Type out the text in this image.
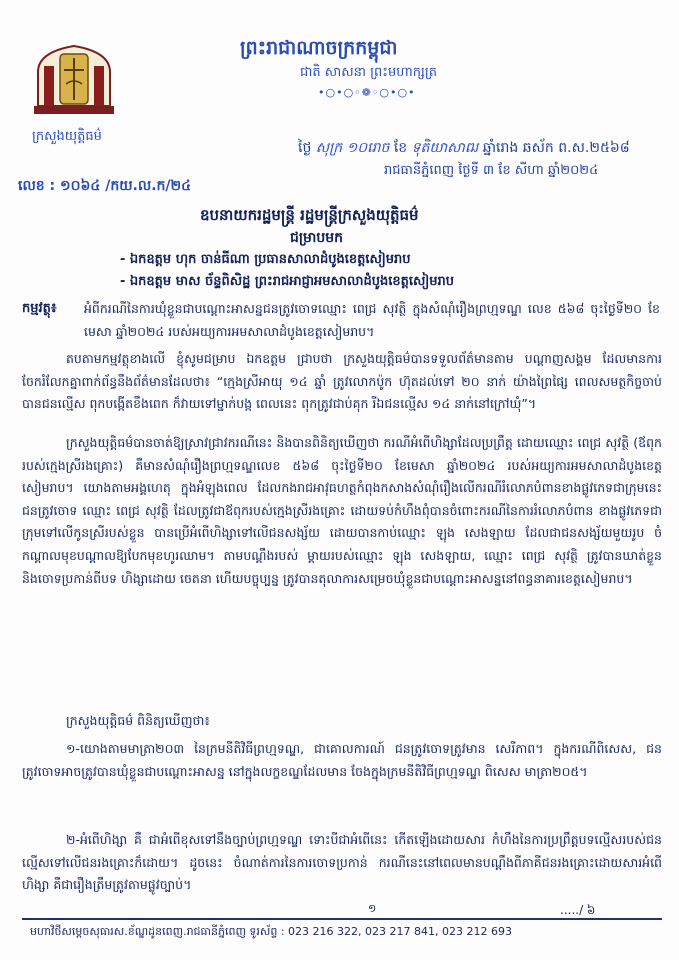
ក្រសួងយុត្តិធម៌
ព្រះរាជាណាចក្រកម្ពុជា
ជាតិ សាសនា ព្រះមហាក្សត្រ
•○•○◦❁◦○•○•
ថ្ងៃ សុក្រ ១០រោច ខែ ទុតិយាសាឍ ឆ្នាំរោង ឆស័ក ព.ស.២៥៦៨
រាជធានីភ្នំពេញ ថ្ងៃទី ៣ ខែ សីហា ឆ្នាំ២០២៤
លេខ : ១០៦៤ /កយ.ល.ក/២៤
ឧបនាយករដ្ឋមន្ត្រី រដ្ឋមន្ត្រីក្រសួងយុត្តិធម៌
ជម្រាបមក
- ឯកឧត្តម ហុក ចាន់ធីណា ប្រធានសាលាដំបូងខេត្តសៀមរាប
- ឯកឧត្តម មាស ច័ន្ទពិសិដ្ឋ ព្រះរាជអាជ្ញាអមសាលាដំបូងខេត្តសៀមរាប
កម្មវត្ថុ៖ អំពីករណីនៃការឃុំខ្លួនជាបណ្ដោះអាសន្នជនត្រូវចោទឈ្មោះ ពេជ្រ សុវត្ថិ ក្នុងសំណុំរឿងព្រហ្មទណ្ឌ លេខ ៥៦៨ ចុះថ្ងៃទី២០ ខែមេសា ឆ្នាំ២០២៤ របស់អយ្យការអមសាលាដំបូងខេត្តសៀមរាប។
តបតាមកម្មវត្ថុខាងលើ ខ្ញុំសូមជម្រាប ឯកឧត្តម ជ្រាបថា ក្រសួងយុត្តិធម៌បានទទួលព័ត៌មានតាម បណ្ដាញសង្គម ដែលមានការចែករំលែកគ្នាពាក់ព័ន្ធនឹងព័ត៌មានដែលថា៖ “ក្មេងស្រីអាយុ ១៤ ឆ្នាំ ត្រូវលោកប៉ូក ហ៊ុតដល់ទៅ ២០ នាក់ យ៉ាងព្រៃផ្សៃ ពេលសមត្ថកិច្ចចាប់បានជនល្មើស ពុកបង្កើតខឹងពេក ក៏វាយទៅម្នាក់បង្ក ពេលនេះ ពុកត្រូវជាប់គុក រីឯជនល្មើស ១៤ នាក់នៅក្រៅឃុំ”។
ក្រសួងយុត្តិធម៌បានចាត់ឱ្យស្រាវជ្រាវករណីនេះ និងបានពិនិត្យឃើញថា ករណីអំពើហិង្សាដែលប្រព្រឹត្ត ដោយឈ្មោះ ពេជ្រ សុវត្ថិ (ឪពុករបស់ក្មេងស្រីរងគ្រោះ) គឺមានសំណុំរឿងព្រហ្មទណ្ឌលេខ ៥៦៨ ចុះថ្ងៃទី២០ ខែមេសា ឆ្នាំ២០២៤ របស់អយ្យការអមសាលាដំបូងខេត្តសៀមរាប។ យោងតាមអង្គហេតុ ក្នុងអំឡុងពេល ដែលកងរាជអាវុធហត្ថកំពុងកសាងសំណុំរឿងលើករណីរំលោភបំពានខាងផ្លូវភេទជាក្រុមនេះ ជនត្រូវចោទ ឈ្មោះ ពេជ្រ សុវត្ថិ ដែលត្រូវជាឪពុករបស់ក្មេងស្រីរងគ្រោះ ដោយទប់កំហឹងពុំបានចំពោះករណីនៃការរំលោភបំពាន ខាងផ្លូវភេទជាក្រុមទៅលើកូនស្រីរបស់ខ្លួន បានប្រើអំពើហិង្សាទៅលើជនសង្ស័យ ដោយបានកាប់ឈ្មោះ ឡុង សេងឡាយ ដែលជាជនសង្ស័យមួយរូប ចំកណ្ដាលមុខបណ្ដាលឱ្យបែកមុខហូរឈាម។ តាមបណ្ដឹងរបស់ ម្ដាយរបស់ឈ្មោះ ឡុង សេងឡាយ, ឈ្មោះ ពេជ្រ សុវត្ថិ ត្រូវបានឃាត់ខ្លួន និងចោទប្រកាន់ពីបទ ហិង្សាដោយ ចេតនា ហើយបច្ចុប្បន្ន ត្រូវបានតុលាការសម្រេចឃុំខ្លួនជាបណ្ដោះអាសន្ននៅពន្ធនាគារខេត្តសៀមរាប។
ក្រសួងយុត្តិធម៌ ពិនិត្យឃើញថា៖
១-យោងតាមមាត្រា២០៣ នៃក្រមនីតិវិធីព្រហ្មទណ្ឌ, ជាគោលការណ៍ ជនត្រូវចោទត្រូវមាន សេរីភាព។ ក្នុងករណីពិសេស, ជនត្រូវចោទអាចត្រូវបានឃុំខ្លួនជាបណ្ដោះអាសន្ន នៅក្នុងលក្ខខណ្ឌដែលមាន ចែងក្នុងក្រមនីតិវិធីព្រហ្មទណ្ឌ ពិសេស មាត្រា២០៥។
២-អំពើហិង្សា គឺ ជាអំពើខុសទៅនឹងច្បាប់ព្រហ្មទណ្ឌ ទោះបីជាអំពើនេះ កើតឡើងដោយសារ កំហឹងនៃការប្រព្រឹត្តបទល្មើសរបស់ជនល្មើសទៅលើជនរងគ្រោះក៏ដោយ។ ដូចនេះ ចំណាត់ការនៃការចោទប្រកាន់ ករណីនេះនៅពេលមានបណ្ដឹងពីភាគីជនរងគ្រោះដោយសារអំពើហិង្សា គឺជារឿងត្រឹមត្រូវតាមផ្លូវច្បាប់។
១	...../ ៦
មហាវិថីសម្ដេចសុធារស.ខ័ណ្ឌដូនពេញ.រាជធានីភ្នំពេញ ទូរស័ព្ទ : 023 216 322, 023 217 841, 023 212 693
